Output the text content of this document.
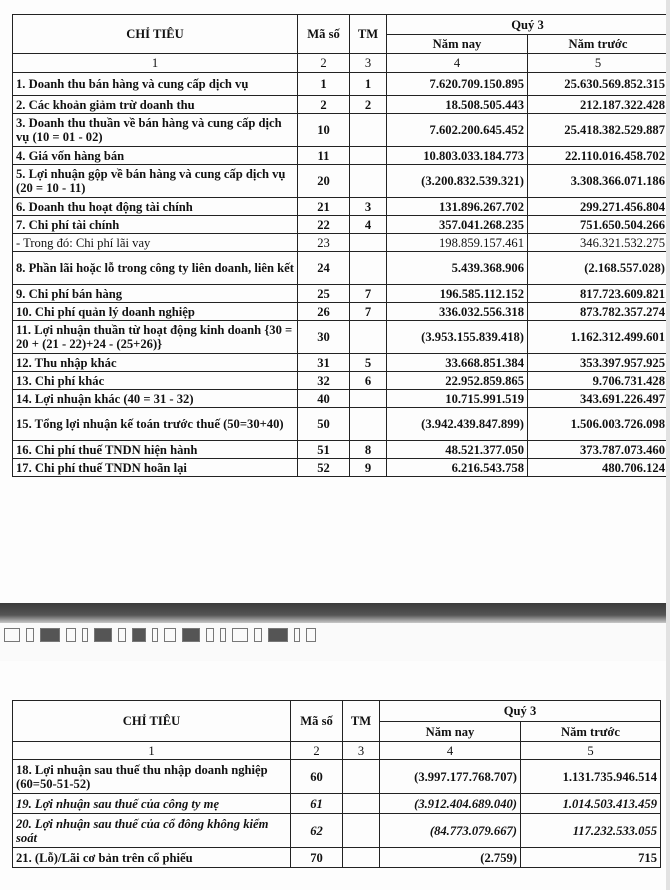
CHỈ TIÊU	Mã số	TM	Quý 3	
			Năm nay	Năm trước
1	2	3	4	5
1. Doanh thu bán hàng và cung cấp dịch vụ	1	1	7.620.709.150.895	25.630.569.852.315
2. Các khoản giảm trừ doanh thu	2	2	18.508.505.443	212.187.322.428
3. Doanh thu thuần về bán hàng và cung cấp dịch vụ (10 = 01 - 02)	10		7.602.200.645.452	25.418.382.529.887
4. Giá vốn hàng bán	11		10.803.033.184.773	22.110.016.458.702
5. Lợi nhuận gộp về bán hàng và cung cấp dịch vụ (20 = 10 - 11)	20		(3.200.832.539.321)	3.308.366.071.186
6. Doanh thu hoạt động tài chính	21	3	131.896.267.702	299.271.456.804
7. Chi phí tài chính	22	4	357.041.268.235	751.650.504.266
- Trong đó: Chi phí lãi vay	23		198.859.157.461	346.321.532.275
8. Phần lãi hoặc lỗ trong công ty liên doanh, liên kết	24		5.439.368.906	(2.168.557.028)
9. Chi phí bán hàng	25	7	196.585.112.152	817.723.609.821
10. Chi phí quản lý doanh nghiệp	26	7	336.032.556.318	873.782.357.274
11. Lợi nhuận thuần từ hoạt động kinh doanh {30 = 20 + (21 - 22)+24 - (25+26)}	30		(3.953.155.839.418)	1.162.312.499.601
12. Thu nhập khác	31	5	33.668.851.384	353.397.957.925
13. Chi phí khác	32	6	22.952.859.865	9.706.731.428
14. Lợi nhuận khác (40 = 31 - 32)	40		10.715.991.519	343.691.226.497
15. Tổng lợi nhuận kế toán trước thuế (50=30+40)	50		(3.942.439.847.899)	1.506.003.726.098
16. Chi phí thuế TNDN hiện hành	51	8	48.521.377.050	373.787.073.460
17. Chi phí thuế TNDN hoãn lại	52	9	6.216.543.758	480.706.124
CHỈ TIÊU	Mã số	TM	Quý 3	
			Năm nay	Năm trước
1	2	3	4	5
18. Lợi nhuận sau thuế thu nhập doanh nghiệp (60=50-51-52)	60		(3.997.177.768.707)	1.131.735.946.514
19. Lợi nhuận sau thuế của công ty mẹ	61		(3.912.404.689.040)	1.014.503.413.459
20. Lợi nhuận sau thuế của cổ đông không kiểm soát	62		(84.773.079.667)	117.232.533.055
21. (Lỗ)/Lãi cơ bản trên cổ phiếu	70		(2.759)	715
